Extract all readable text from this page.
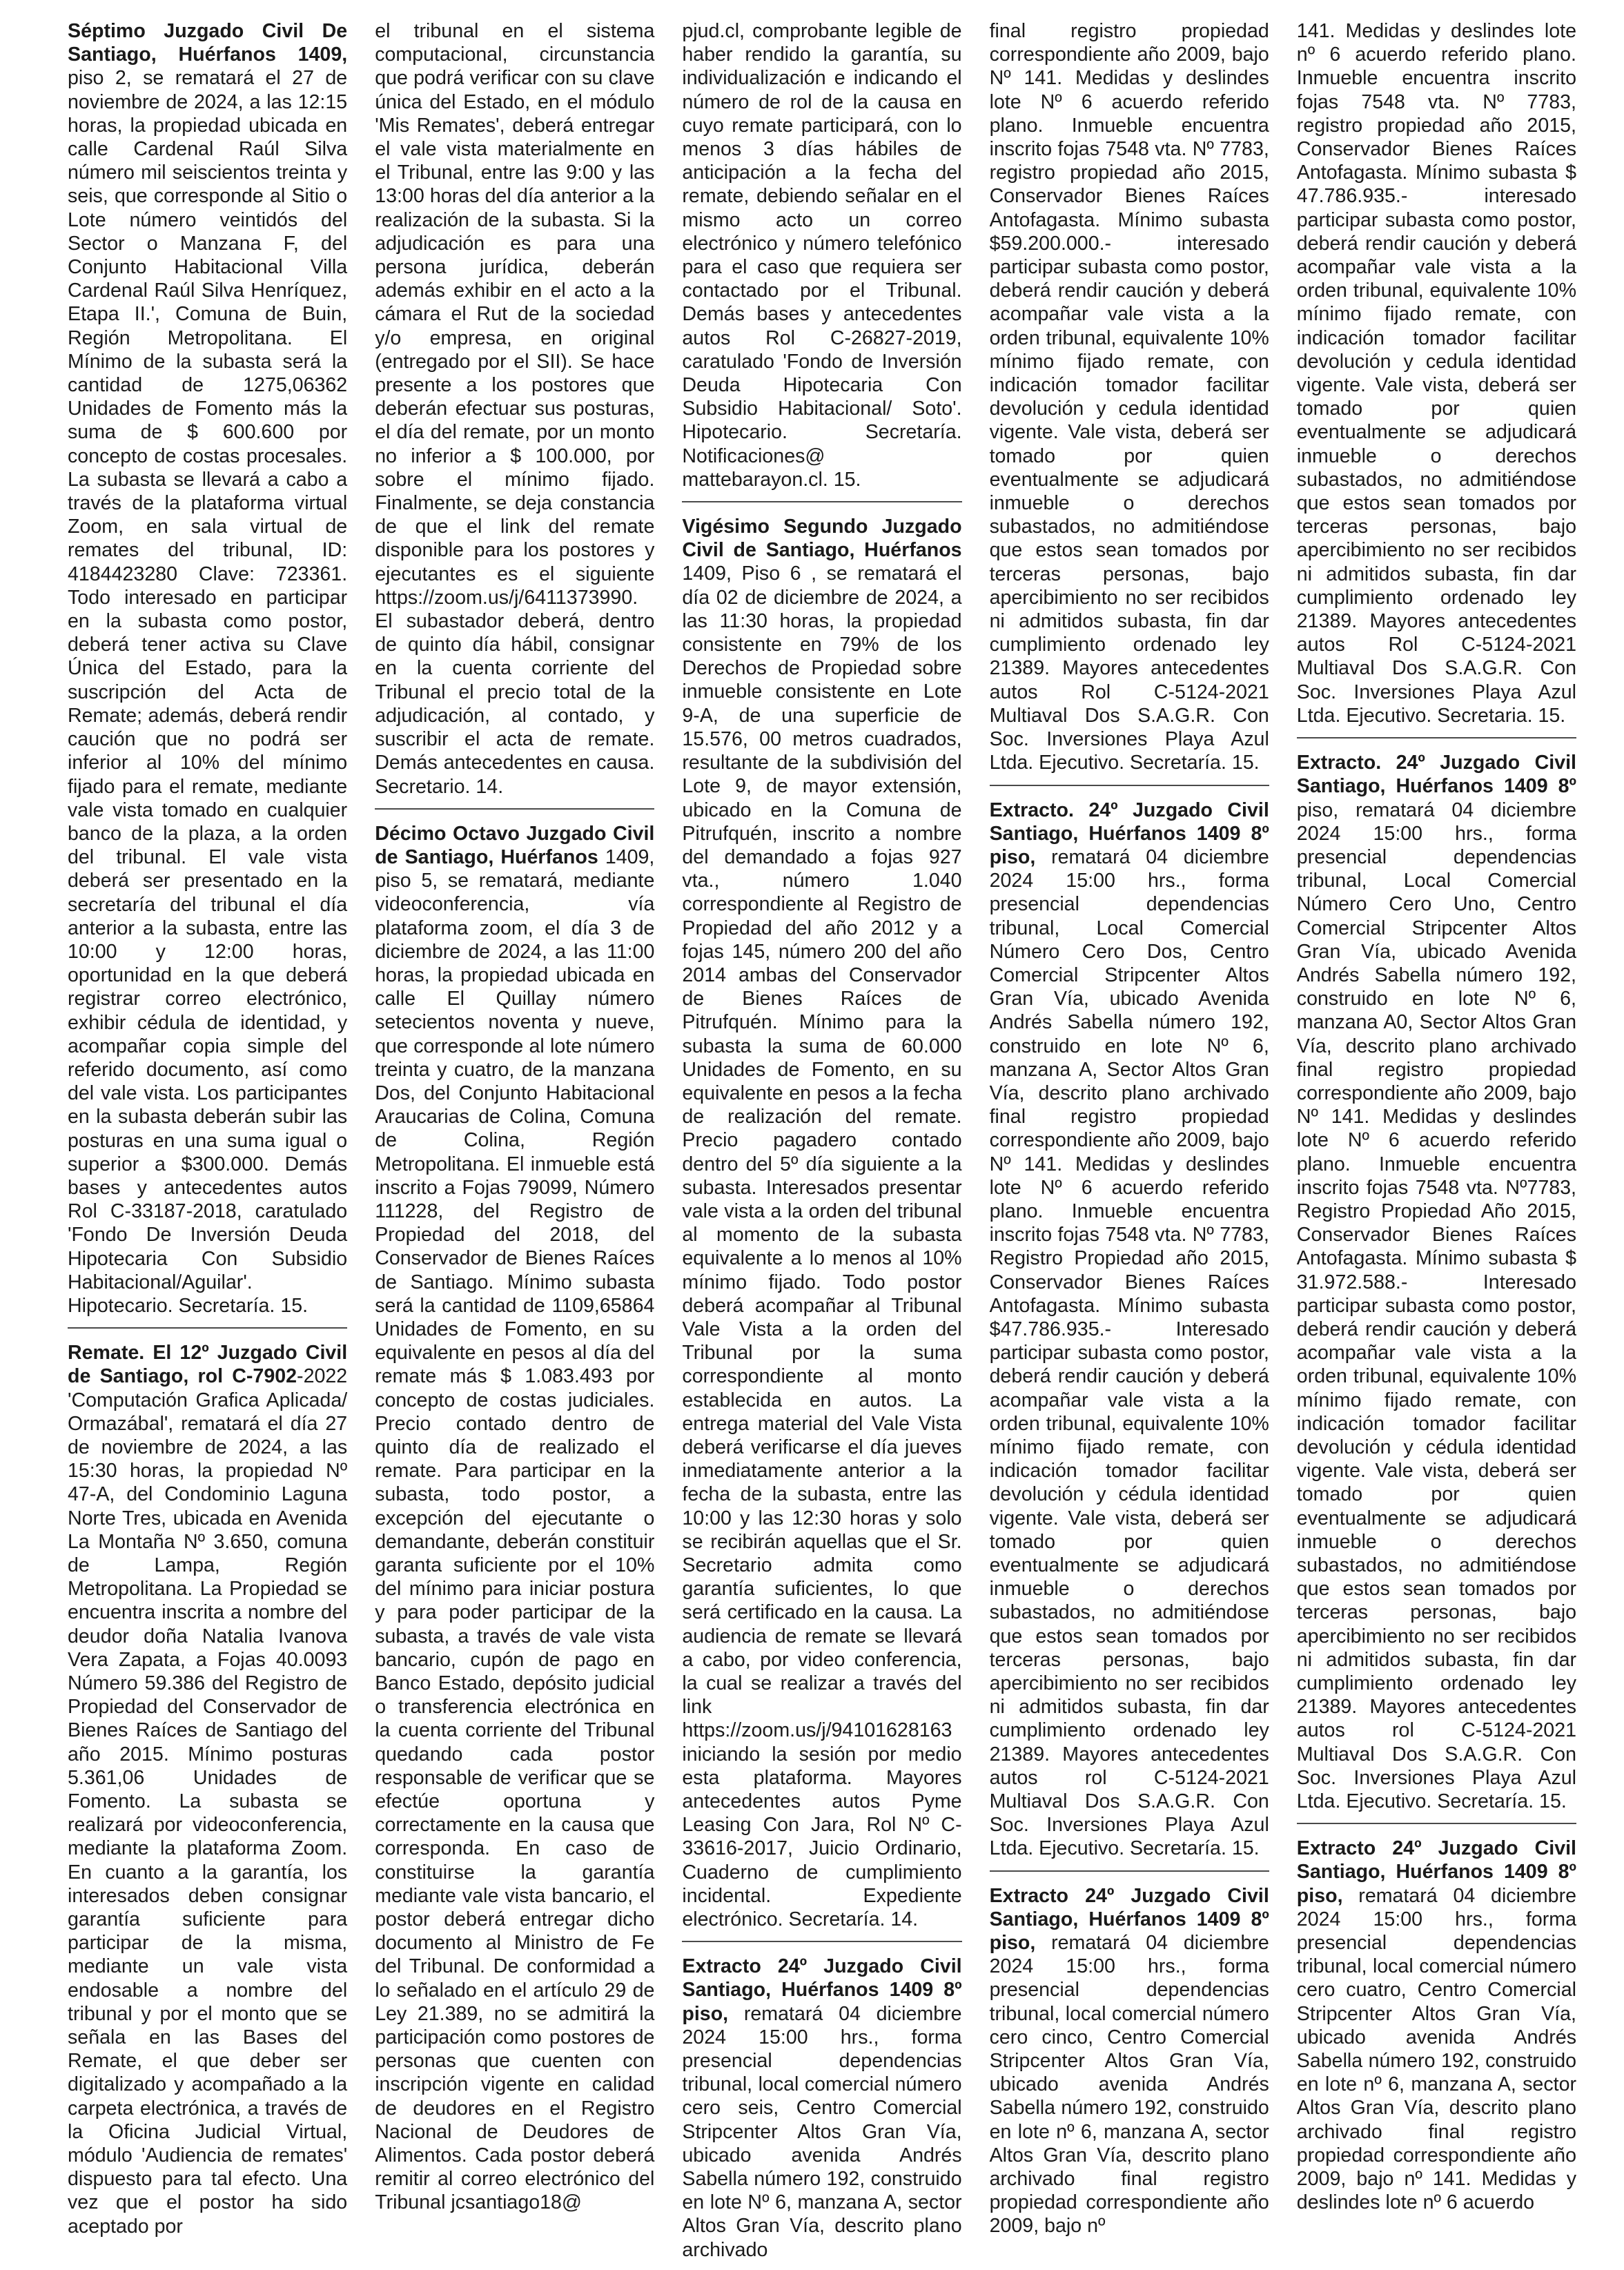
Séptimo Juzgado Civil De Santiago, Huérfanos 1409, piso 2, se rematará el 27 de noviembre de 2024, a las 12:15 horas, la propiedad ubicada en calle Cardenal Raúl Silva número mil seiscientos treinta y seis, que corresponde al Sitio o Lote número veintidós del Sector o Manzana F, del Conjunto Habitacional Villa Cardenal Raúl Silva Henríquez, Etapa II.', Comuna de Buin, Región Metropolitana. El Mínimo de la subasta será la cantidad de 1275,06362 Unidades de Fomento más la suma de $ 600.600 por concepto de costas procesales. La subasta se llevará a cabo a través de la plataforma virtual Zoom, en sala virtual de remates del tribunal, ID: 4184423280 Clave: 723361. Todo interesado en participar en la subasta como postor, deberá tener activa su Clave Única del Estado, para la suscripción del Acta de Remate; además, deberá rendir caución que no podrá ser inferior al 10% del mínimo fijado para el remate, mediante vale vista tomado en cualquier banco de la plaza, a la orden del tribunal. El vale vista deberá ser presentado en la secretaría del tribunal el día anterior a la subasta, entre las 10:00 y 12:00 horas, oportunidad en la que deberá registrar correo electrónico, exhibir cédula de identidad, y acompañar copia simple del referido documento, así como del vale vista. Los participantes en la subasta deberán subir las posturas en una suma igual o superior a $300.000. Demás bases y antecedentes autos Rol C-33187-2018, caratulado 'Fondo De Inversión Deuda Hipotecaria Con Subsidio Habitacional/Aguilar'. Hipotecario. Secretaría. 15.

Remate. El 12º Juzgado Civil de Santiago, rol C-7902-2022 'Computación Grafica Aplicada/ Ormazábal', rematará el día 27 de noviembre de 2024, a las 15:30 horas, la propiedad Nº 47-A, del Condominio Laguna Norte Tres, ubicada en Avenida La Montaña Nº 3.650, comuna de Lampa, Región Metropolitana. La Propiedad se encuentra inscrita a nombre del deudor doña Natalia Ivanova Vera Zapata, a Fojas 40.0093 Número 59.386 del Registro de Propiedad del Conservador de Bienes Raíces de Santiago del año 2015. Mínimo posturas 5.361,06 Unidades de Fomento. La subasta se realizará por videoconferencia, mediante la plataforma Zoom. En cuanto a la garantía, los interesados deben consignar garantía suficiente para participar de la misma, mediante un vale vista endosable a nombre del tribunal y por el monto que se señala en las Bases del Remate, el que deber ser digitalizado y acompañado a la carpeta electrónica, a través de la Oficina Judicial Virtual, módulo 'Audiencia de remates' dispuesto para tal efecto. Una vez que el postor ha sido aceptado por

el tribunal en el sistema computacional, circunstancia que podrá verificar con su clave única del Estado, en el módulo 'Mis Remates', deberá entregar el vale vista materialmente en el Tribunal, entre las 9:00 y las 13:00 horas del día anterior a la realización de la subasta. Si la adjudicación es para una persona jurídica, deberán además exhibir en el acto a la cámara el Rut de la sociedad y/o empresa, en original (entregado por el SII). Se hace presente a los postores que deberán efectuar sus posturas, el día del remate, por un monto no inferior a $ 100.000, por sobre el mínimo fijado. Finalmente, se deja constancia de que el link del remate disponible para los postores y ejecutantes es el siguiente https://zoom.us/j/6411373990. El subastador deberá, dentro de quinto día hábil, consignar en la cuenta corriente del Tribunal el precio total de la adjudicación, al contado, y suscribir el acta de remate. Demás antecedentes en causa. Secretario. 14.

Décimo Octavo Juzgado Civil de Santiago, Huérfanos 1409, piso 5, se rematará, mediante videoconferencia, vía plataforma zoom, el día 3 de diciembre de 2024, a las 11:00 horas, la propiedad ubicada en calle El Quillay número setecientos noventa y nueve, que corresponde al lote número treinta y cuatro, de la manzana Dos, del Conjunto Habitacional Araucarias de Colina, Comuna de Colina, Región Metropolitana. El inmueble está inscrito a Fojas 79099, Número 111228, del Registro de Propiedad del 2018, del Conservador de Bienes Raíces de Santiago. Mínimo subasta será la cantidad de 1109,65864 Unidades de Fomento, en su equivalente en pesos al día del remate más $ 1.083.493 por concepto de costas judiciales. Precio contado dentro de quinto día de realizado el remate. Para participar en la subasta, todo postor, a excepción del ejecutante o demandante, deberán constituir garanta suficiente por el 10% del mínimo para iniciar postura y para poder participar de la subasta, a través de vale vista bancario, cupón de pago en Banco Estado, depósito judicial o transferencia electrónica en la cuenta corriente del Tribunal quedando cada postor responsable de verificar que se efectúe oportuna y correctamente en la causa que corresponda. En caso de constituirse la garantía mediante vale vista bancario, el postor deberá entregar dicho documento al Ministro de Fe del Tribunal. De conformidad a lo señalado en el artículo 29 de Ley 21.389, no se admitirá la participación como postores de personas que cuenten con inscripción vigente en calidad de deudores en el Registro Nacional de Deudores de Alimentos. Cada postor deberá remitir al correo electrónico del Tribunal jcsantiago18@

pjud.cl, comprobante legible de haber rendido la garantía, su individualización e indicando el número de rol de la causa en cuyo remate participará, con lo menos 3 días hábiles de anticipación a la fecha del remate, debiendo señalar en el mismo acto un correo electrónico y número telefónico para el caso que requiera ser contactado por el Tribunal. Demás bases y antecedentes autos Rol C-26827-2019, caratulado 'Fondo de Inversión Deuda Hipotecaria Con Subsidio Habitacional/ Soto'. Hipotecario. Secretaría. Notificaciones@ mattebarayon.cl. 15.

Vigésimo Segundo Juzgado Civil de Santiago, Huérfanos 1409, Piso 6 , se rematará el día 02 de diciembre de 2024, a las 11:30 horas, la propiedad consistente en 79% de los Derechos de Propiedad sobre inmueble consistente en Lote 9-A, de una superficie de 15.576, 00 metros cuadrados, resultante de la subdivisión del Lote 9, de mayor extensión, ubicado en la Comuna de Pitrufquén, inscrito a nombre del demandado a fojas 927 vta., número 1.040 correspondiente al Registro de Propiedad del año 2012 y a fojas 145, número 200 del año 2014 ambas del Conservador de Bienes Raíces de Pitrufquén. Mínimo para la subasta la suma de 60.000 Unidades de Fomento, en su equivalente en pesos a la fecha de realización del remate. Precio pagadero contado dentro del 5º día siguiente a la subasta. Interesados presentar vale vista a la orden del tribunal al momento de la subasta equivalente a lo menos al 10% mínimo fijado. Todo postor deberá acompañar al Tribunal Vale Vista a la orden del Tribunal por la suma correspondiente al monto establecida en autos. La entrega material del Vale Vista deberá verificarse el día jueves inmediatamente anterior a la fecha de la subasta, entre las 10:00 y las 12:30 horas y solo se recibirán aquellas que el Sr. Secretario admita como garantía suficientes, lo que será certificado en la causa. La audiencia de remate se llevará a cabo, por video conferencia, la cual se realizar a través del link https://zoom.us/j/94101628163 iniciando la sesión por medio esta plataforma. Mayores antecedentes autos Pyme Leasing Con Jara, Rol Nº C-33616-2017, Juicio Ordinario, Cuaderno de cumplimiento incidental. Expediente electrónico. Secretaría. 14.

Extracto 24º Juzgado Civil Santiago, Huérfanos 1409 8º piso, rematará 04 diciembre 2024 15:00 hrs., forma presencial dependencias tribunal, local comercial número cero seis, Centro Comercial Stripcenter Altos Gran Vía, ubicado avenida Andrés Sabella número 192, construido en lote Nº 6, manzana A, sector Altos Gran Vía, descrito plano archivado

final registro propiedad correspondiente año 2009, bajo Nº 141. Medidas y deslindes lote Nº 6 acuerdo referido plano. Inmueble encuentra inscrito fojas 7548 vta. Nº 7783, registro propiedad año 2015, Conservador Bienes Raíces Antofagasta. Mínimo subasta $59.200.000.- interesado participar subasta como postor, deberá rendir caución y deberá acompañar vale vista a la orden tribunal, equivalente 10% mínimo fijado remate, con indicación tomador facilitar devolución y cedula identidad vigente. Vale vista, deberá ser tomado por quien eventualmente se adjudicará inmueble o derechos subastados, no admitiéndose que estos sean tomados por terceras personas, bajo apercibimiento no ser recibidos ni admitidos subasta, fin dar cumplimiento ordenado ley 21389. Mayores antecedentes autos Rol C-5124-2021 Multiaval Dos S.A.G.R. Con Soc. Inversiones Playa Azul Ltda. Ejecutivo. Secretaría. 15.

Extracto. 24º Juzgado Civil Santiago, Huérfanos 1409 8º piso, rematará 04 diciembre 2024 15:00 hrs., forma presencial dependencias tribunal, Local Comercial Número Cero Dos, Centro Comercial Stripcenter Altos Gran Vía, ubicado Avenida Andrés Sabella número 192, construido en lote Nº 6, manzana A, Sector Altos Gran Vía, descrito plano archivado final registro propiedad correspondiente año 2009, bajo Nº 141. Medidas y deslindes lote Nº 6 acuerdo referido plano. Inmueble encuentra inscrito fojas 7548 vta. Nº 7783, Registro Propiedad año 2015, Conservador Bienes Raíces Antofagasta. Mínimo subasta $47.786.935.- Interesado participar subasta como postor, deberá rendir caución y deberá acompañar vale vista a la orden tribunal, equivalente 10% mínimo fijado remate, con indicación tomador facilitar devolución y cédula identidad vigente. Vale vista, deberá ser tomado por quien eventualmente se adjudicará inmueble o derechos subastados, no admitiéndose que estos sean tomados por terceras personas, bajo apercibimiento no ser recibidos ni admitidos subasta, fin dar cumplimiento ordenado ley 21389. Mayores antecedentes autos rol C-5124-2021 Multiaval Dos S.A.G.R. Con Soc. Inversiones Playa Azul Ltda. Ejecutivo. Secretaría. 15.

Extracto 24º Juzgado Civil Santiago, Huérfanos 1409 8º piso, rematará 04 diciembre 2024 15:00 hrs., forma presencial dependencias tribunal, local comercial número cero cinco, Centro Comercial Stripcenter Altos Gran Vía, ubicado avenida Andrés Sabella número 192, construido en lote nº 6, manzana A, sector Altos Gran Vía, descrito plano archivado final registro propiedad correspondiente año 2009, bajo nº

141. Medidas y deslindes lote nº 6 acuerdo referido plano. Inmueble encuentra inscrito fojas 7548 vta. Nº 7783, registro propiedad año 2015, Conservador Bienes Raíces Antofagasta. Mínimo subasta $ 47.786.935.- interesado participar subasta como postor, deberá rendir caución y deberá acompañar vale vista a la orden tribunal, equivalente 10% mínimo fijado remate, con indicación tomador facilitar devolución y cedula identidad vigente. Vale vista, deberá ser tomado por quien eventualmente se adjudicará inmueble o derechos subastados, no admitiéndose que estos sean tomados por terceras personas, bajo apercibimiento no ser recibidos ni admitidos subasta, fin dar cumplimiento ordenado ley 21389. Mayores antecedentes autos Rol C-5124-2021 Multiaval Dos S.A.G.R. Con Soc. Inversiones Playa Azul Ltda. Ejecutivo. Secretaria. 15.

Extracto. 24º Juzgado Civil Santiago, Huérfanos 1409 8º piso, rematará 04 diciembre 2024 15:00 hrs., forma presencial dependencias tribunal, Local Comercial Número Cero Uno, Centro Comercial Stripcenter Altos Gran Vía, ubicado Avenida Andrés Sabella número 192, construido en lote Nº 6, manzana A0, Sector Altos Gran Vía, descrito plano archivado final registro propiedad correspondiente año 2009, bajo Nº 141. Medidas y deslindes lote Nº 6 acuerdo referido plano. Inmueble encuentra inscrito fojas 7548 vta. Nº7783, Registro Propiedad Año 2015, Conservador Bienes Raíces Antofagasta. Mínimo subasta $ 31.972.588.- Interesado participar subasta como postor, deberá rendir caución y deberá acompañar vale vista a la orden tribunal, equivalente 10% mínimo fijado remate, con indicación tomador facilitar devolución y cédula identidad vigente. Vale vista, deberá ser tomado por quien eventualmente se adjudicará inmueble o derechos subastados, no admitiéndose que estos sean tomados por terceras personas, bajo apercibimiento no ser recibidos ni admitidos subasta, fin dar cumplimiento ordenado ley 21389. Mayores antecedentes autos rol C-5124-2021 Multiaval Dos S.A.G.R. Con Soc. Inversiones Playa Azul Ltda. Ejecutivo. Secretaría. 15.

Extracto 24º Juzgado Civil Santiago, Huérfanos 1409 8º piso, rematará 04 diciembre 2024 15:00 hrs., forma presencial dependencias tribunal, local comercial número cero cuatro, Centro Comercial Stripcenter Altos Gran Vía, ubicado avenida Andrés Sabella número 192, construido en lote nº 6, manzana A, sector Altos Gran Vía, descrito plano archivado final registro propiedad correspondiente año 2009, bajo nº 141. Medidas y deslindes lote nº 6 acuerdo
